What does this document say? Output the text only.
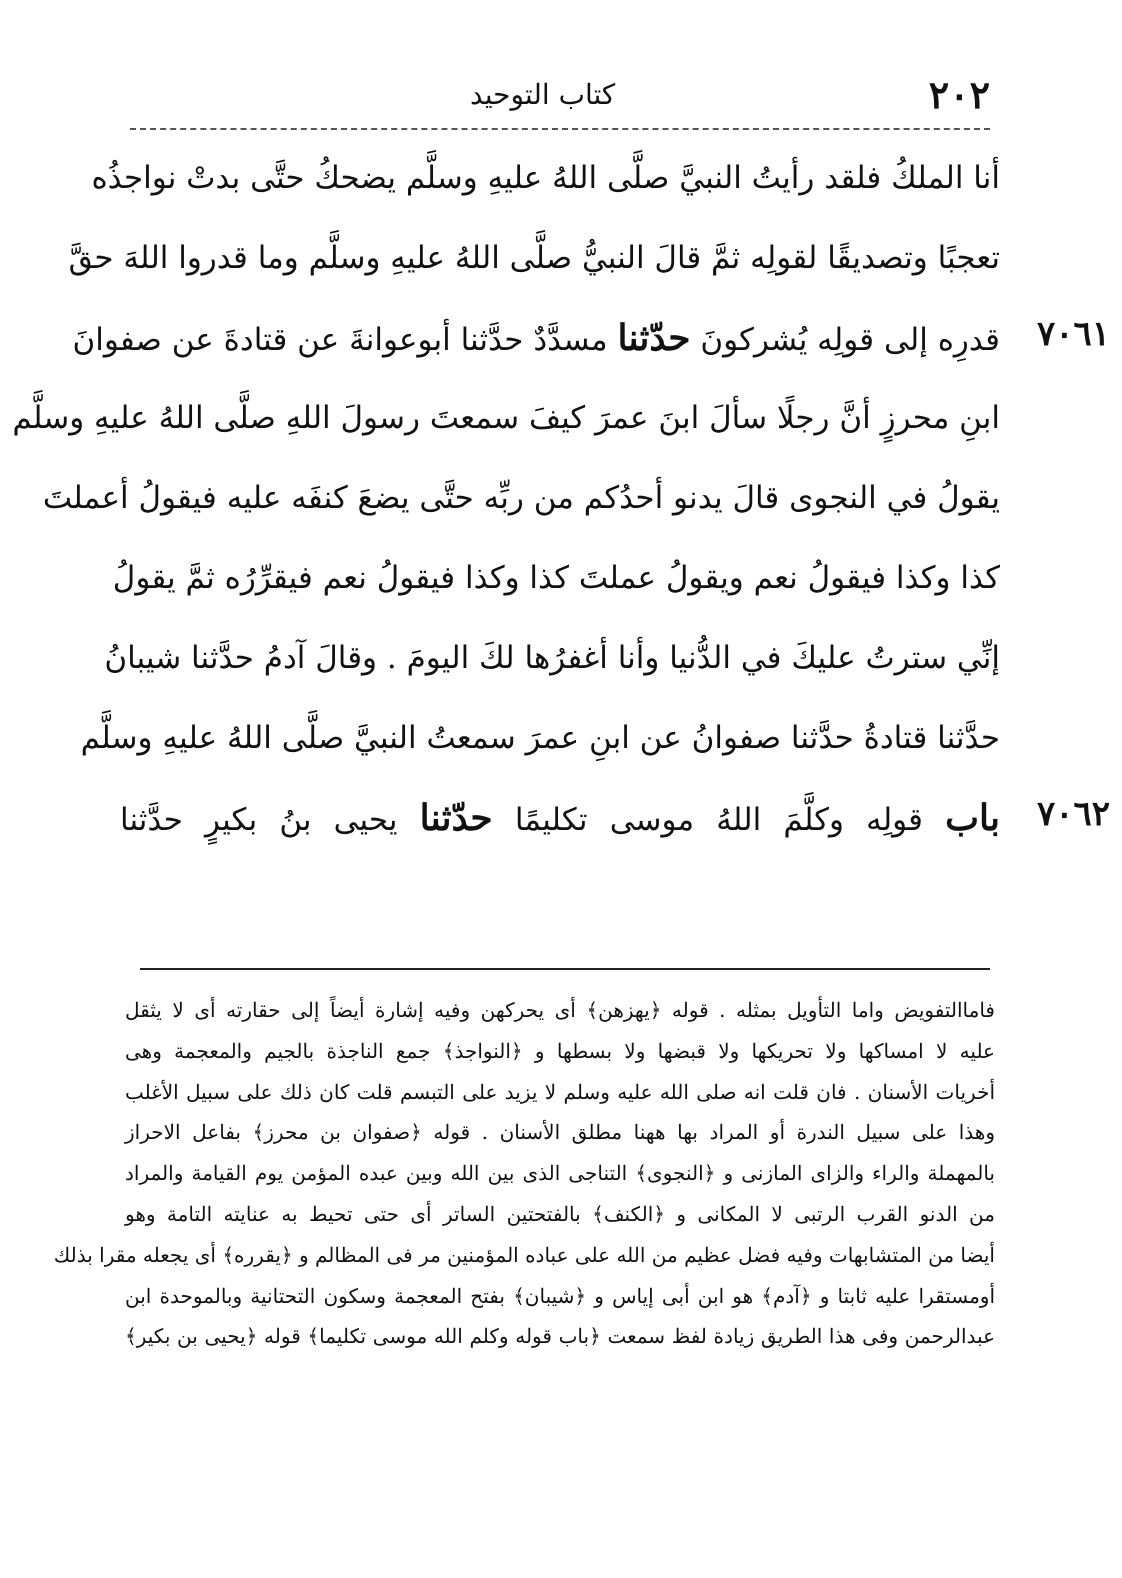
٢٠٢
كتاب التوحيد
أنا الملكُ فلقد رأيتُ النبيَّ صلَّى اللهُ عليهِ وسلَّم يضحكُ حتَّى بدتْ نواجذُه
تعجبًا وتصديقًا لقولِه ثمَّ قالَ النبيُّ صلَّى اللهُ عليهِ وسلَّم وما قدروا اللهَ حقَّ
٧٠٦١
قدرِه إلى قولِه يُشركونَ حدّثنا مسدَّدٌ حدَّثنا أبوعوانةَ عن قتادةَ عن صفوانَ
ابنِ محرزٍ أنَّ رجلًا سألَ ابنَ عمرَ كيفَ سمعتَ رسولَ اللهِ صلَّى اللهُ عليهِ وسلَّم
يقولُ في النجوى قالَ يدنو أحدُكم من ربِّه حتَّى يضعَ كنفَه عليه فيقولُ أعملتَ
كذا وكذا فيقولُ نعم ويقولُ عملتَ كذا وكذا فيقولُ نعم فيقرِّرُه ثمَّ يقولُ
إنِّي سترتُ عليكَ في الدُّنيا وأنا أغفرُها لكَ اليومَ . وقالَ آدمُ حدَّثنا شيبانُ
حدَّثنا قتادةُ حدَّثنا صفوانُ عن ابنِ عمرَ سمعتُ النبيَّ صلَّى اللهُ عليهِ وسلَّم
٧٠٦٢
باب قولِه وكلَّمَ اللهُ موسى تكليمًا حدّثنا يحيى بنُ بكيرٍ حدَّثنا
فاماالتفويض واما التأويل بمثله . قوله ﴿يهزهن﴾ أى يحركهن وفيه إشارة أيضاً إلى حقارته أى لا يثقل
عليه لا امساكها ولا تحريكها ولا قبضها ولا بسطها و ﴿النواجذ﴾ جمع الناجذة بالجيم والمعجمة وهى
أخريات الأسنان . فان قلت انه صلى الله عليه وسلم لا يزيد على التبسم قلت كان ذلك على سبيل الأغلب
وهذا على سبيل الندرة أو المراد بها ههنا مطلق الأسنان . قوله ﴿صفوان بن محرز﴾ بفاعل الاحراز
بالمهملة والراء والزاى المازنى و ﴿النجوى﴾ التناجى الذى بين الله وبين عبده المؤمن يوم القيامة والمراد
من الدنو القرب الرتبى لا المكانى و ﴿الكنف﴾ بالفتحتين الساتر أى حتى تحيط به عنايته التامة وهو
أيضا من المتشابهات وفيه فضل عظيم من الله على عباده المؤمنين مر فى المظالم و ﴿يقرره﴾ أى يجعله مقرا بذلك
أومستقرا عليه ثابتا و ﴿آدم﴾ هو ابن أبى إياس و ﴿شيبان﴾ بفتح المعجمة وسكون التحتانية وبالموحدة ابن
عبدالرحمن وفى هذا الطريق زيادة لفظ سمعت ﴿باب قوله وكلم الله موسى تكليما﴾ قوله ﴿يحيى بن بكير﴾
